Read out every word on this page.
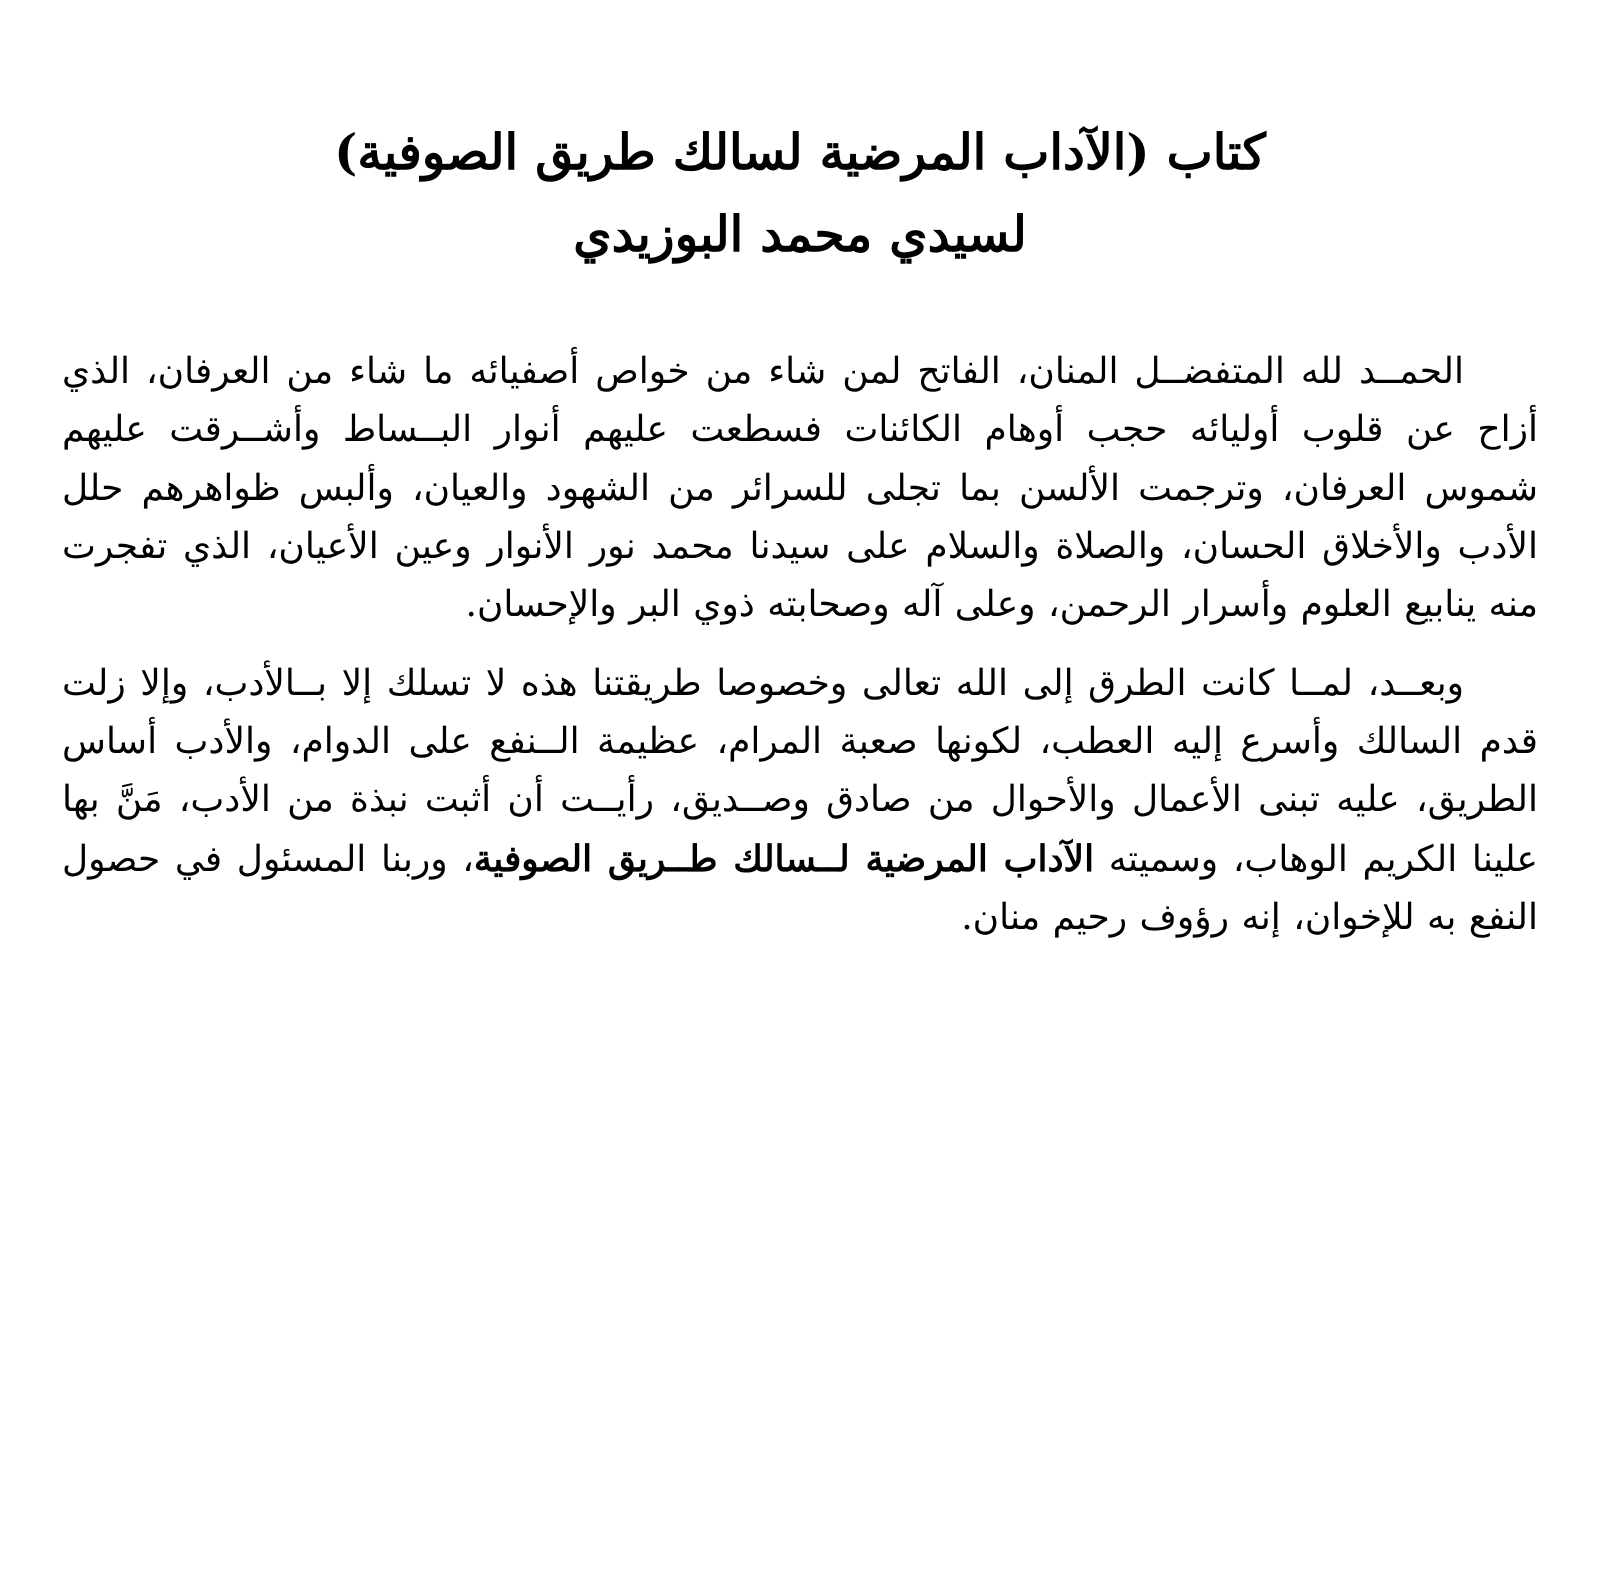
كتاب (الآداب المرضية لسالك طريق الصوفية)
لسيدي محمد البوزيدي

الحمــد لله المتفضــل المنان، الفاتح لمن شاء من خواص أصفيائه ما شاء من العرفان، الذي أزاح عن قلوب أوليائه حجب أوهام الكائنات فسطعت عليهم أنوار البــساط وأشــرقت عليهم شموس العرفان، وترجمت الألسن بما تجلى للسرائر من الشهود والعيان، وألبس ظواهرهم حلل الأدب والأخلاق الحسان، والصلاة والسلام على سيدنا محمد نور الأنوار وعين الأعيان، الذي تفجرت منه ينابيع العلوم وأسرار الرحمن، وعلى آله وصحابته ذوي البر والإحسان.

وبعــد، لمــا كانت الطرق إلى الله تعالى وخصوصا طريقتنا هذه لا تسلك إلا بــالأدب، وإلا زلت قدم السالك وأسرع إليه العطب، لكونها صعبة المرام، عظيمة الــنفع على الدوام، والأدب أساس الطريق، عليه تبنى الأعمال والأحوال من صادق وصــديق، رأيــت أن أثبت نبذة من الأدب، مَنَّ بها علينا الكريم الوهاب، وسميته الآداب المرضية لــسالك طــريق الصوفية، وربنا المسئول في حصول النفع به للإخوان، إنه رؤوف رحيم منان.
